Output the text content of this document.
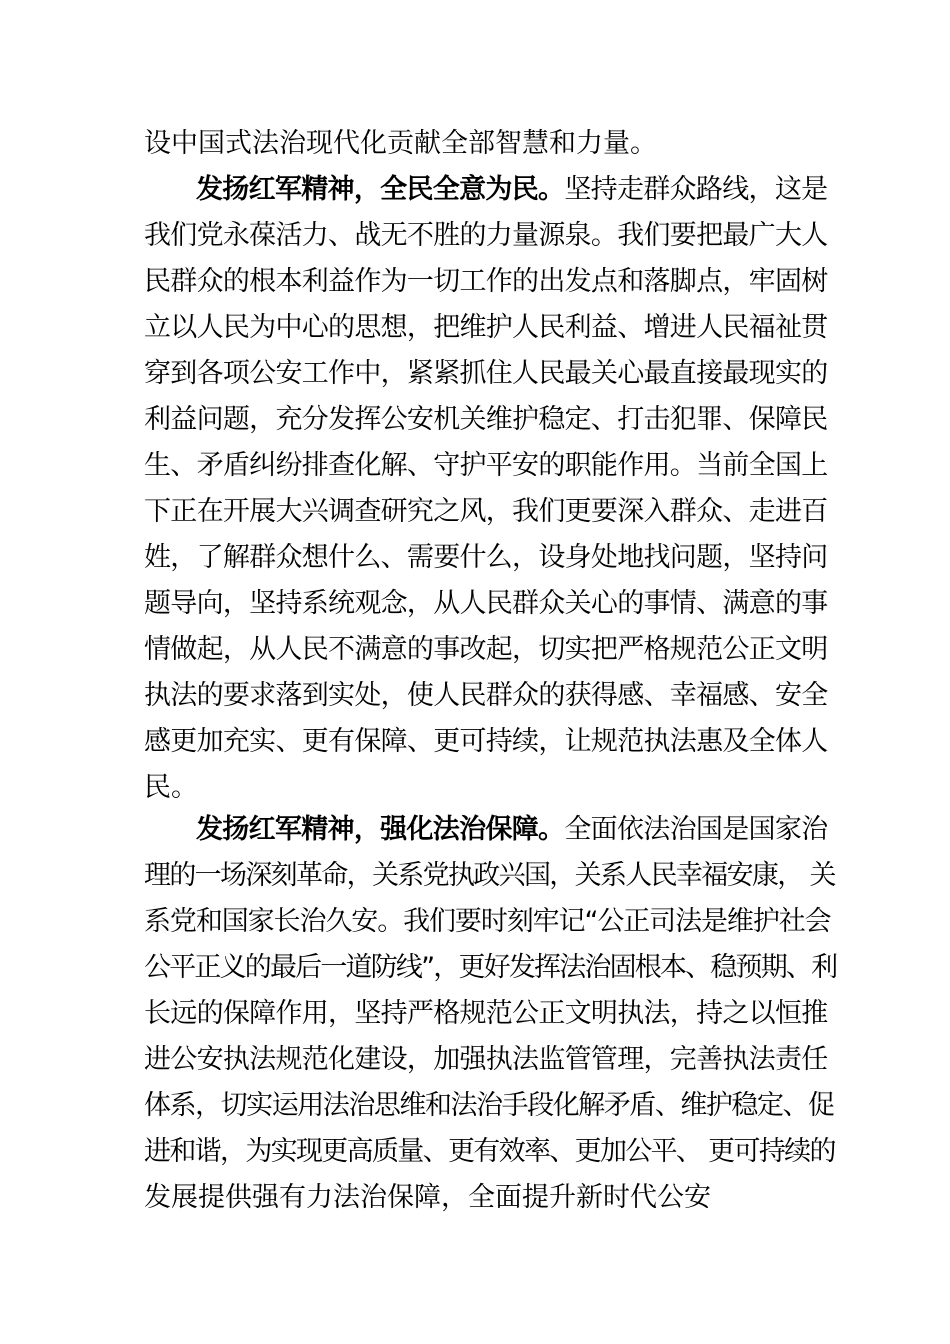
设中国式法治现代化贡献全部智慧和力量。
发扬红军精神，全民全意为民。坚持走群众路线，这是
我们党永葆活力、战无不胜的力量源泉。我们要把最广大人
民群众的根本利益作为一切工作的出发点和落脚点，牢固树
立以人民为中心的思想，把维护人民利益、增进人民福祉贯
穿到各项公安工作中，紧紧抓住人民最关心最直接最现实的
利益问题，充分发挥公安机关维护稳定、打击犯罪、保障民
生、矛盾纠纷排查化解、守护平安的职能作用。当前全国上
下正在开展大兴调查研究之风，我们更要深入群众、走进百
姓，了解群众想什么、需要什么，设身处地找问题，坚持问
题导向，坚持系统观念，从人民群众关心的事情、满意的事
情做起，从人民不满意的事改起，切实把严格规范公正文明
执法的要求落到实处，使人民群众的获得感、幸福感、安全
感更加充实、更有保障、更可持续，让规范执法惠及全体人
民。
发扬红军精神，强化法治保障。全面依法治国是国家治
理的一场深刻革命，关系党执政兴国，关系人民幸福安康， 关
系党和国家长治久安。我们要时刻牢记“公正司法是维护社会
公平正义的最后一道防线”，更好发挥法治固根本、稳预期、利
长远的保障作用，坚持严格规范公正文明执法，持之以恒推
进公安执法规范化建设，加强执法监管管理，完善执法责任
体系，切实运用法治思维和法治手段化解矛盾、维护稳定、促
进和谐，为实现更高质量、更有效率、更加公平、 更可持续的
发展提供强有力法治保障，全面提升新时代公安
